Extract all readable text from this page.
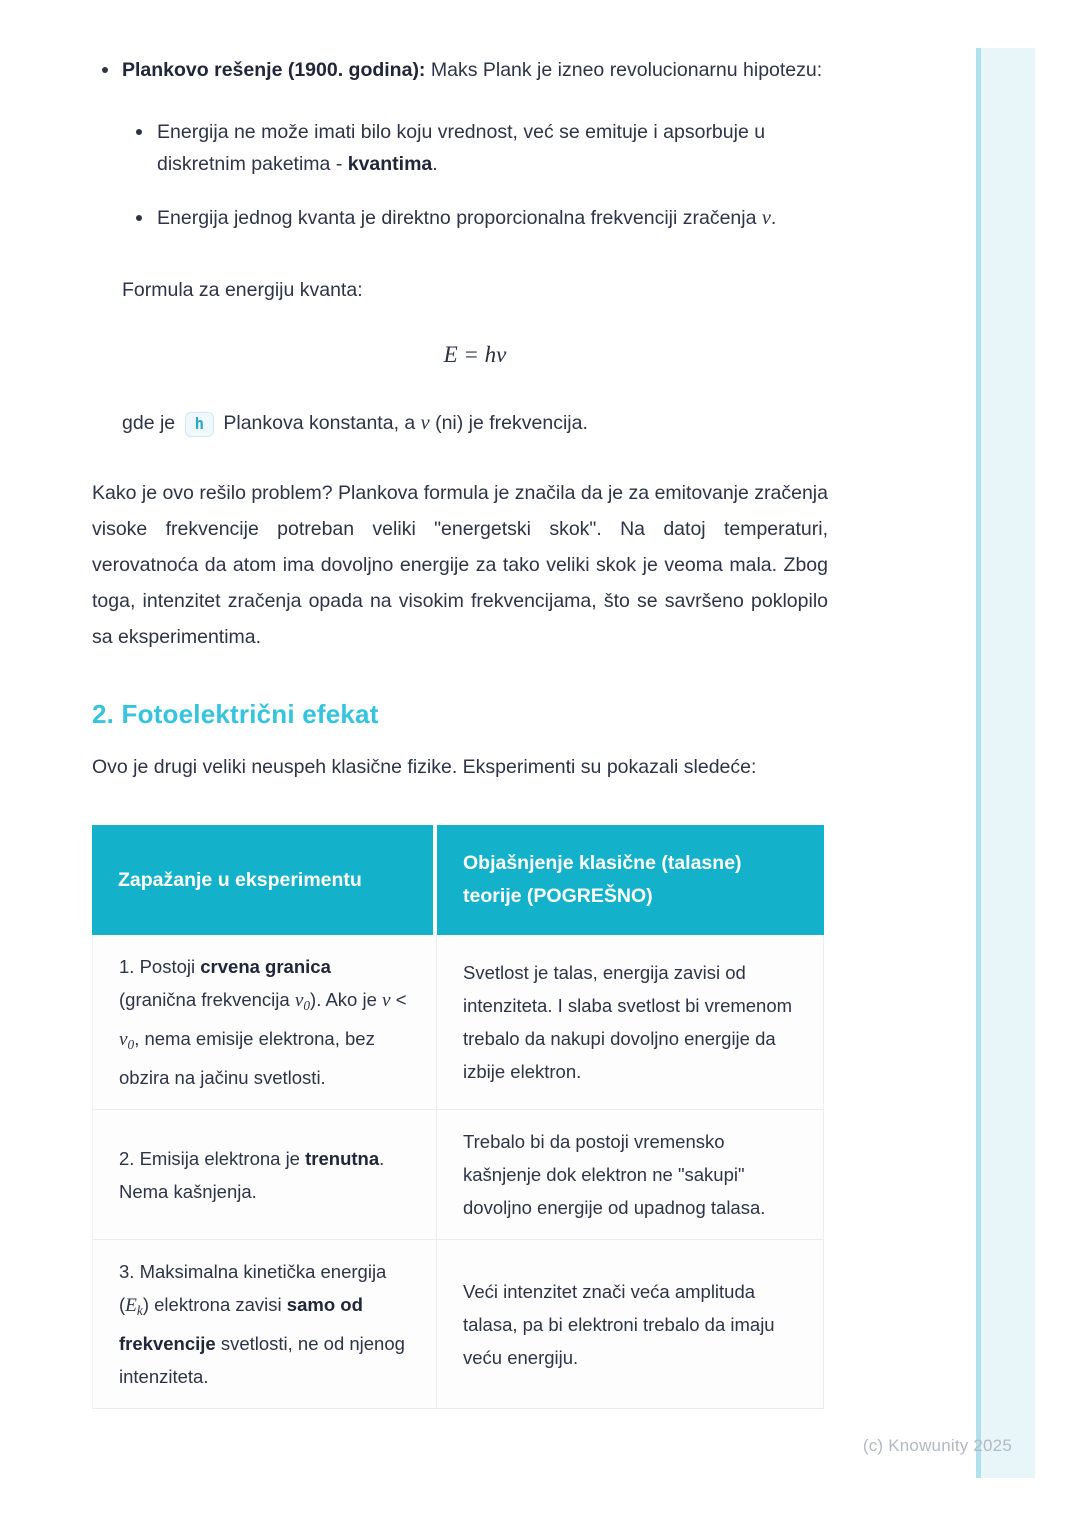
(c) Knowunity 2025
Plankovo rešenje (1900. godina): Maks Plank je izneo revolucionarnu hipotezu:
Energija ne može imati bilo koju vrednost, već se emituje i apsorbuje u diskretnim paketima - kvantima.
Energija jednog kvanta je direktno proporcionalna frekvenciji zračenja v.
Formula za energiju kvanta:
E = hv
gde je h Plankova konstanta, a v (ni) je frekvencija.

Kako je ovo rešilo problem? Plankova formula je značila da je za emitovanje zračenja visoke frekvencije potreban veliki "energetski skok". Na datoj temperaturi, verovatnoća da atom ima dovoljno energije za tako veliki skok je veoma mala. Zbog toga, intenzitet zračenja opada na visokim frekvencijama, što se savršeno poklopilo sa eksperimentima.

2. Fotoelektrični efekat

Ovo je drugi veliki neuspeh klasične fizike. Eksperimenti su pokazali sledeće:

Zapažanje u eksperimentu	Objašnjenje klasične (talasne) teorije (POGREŠNO)
1. Postoji crvena granica (granična frekvencija $v_0$). Ako je $v < v_0$, nema emisije elektrona, bez obzira na jačinu svetlosti.	Svetlost je talas, energija zavisi od intenziteta. I slaba svetlost bi vremenom trebalo da nakupi dovoljno energije da izbije elektron.
2. Emisija elektrona je trenutna. Nema kašnjenja.	Trebalo bi da postoji vremensko kašnjenje dok elektron ne "sakupi" dovoljno energije od upadnog talasa.
3. Maksimalna kinetička energija $(E_k)$ elektrona zavisi samo od frekvencije svetlosti, ne od njenog intenziteta.	Veći intenzitet znači veća amplituda talasa, pa bi elektroni trebalo da imaju veću energiju.
